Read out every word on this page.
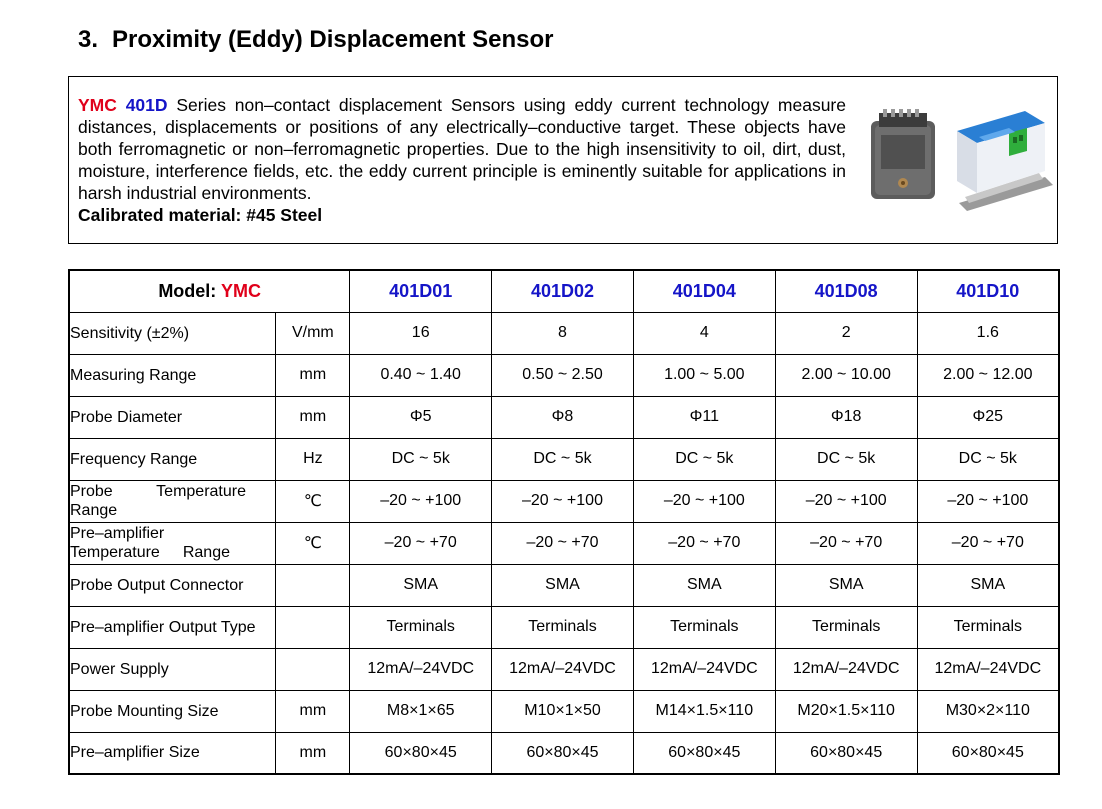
3. Proximity (Eddy) Displacement Sensor
YMC 401D Series non–contact displacement Sensors using eddy current technology measure distances, displacements or positions of any electrically–conductive target. These objects have both ferromagnetic or non–ferromagnetic properties. Due to the high insensitivity to oil, dirt, dust, moisture, interference fields, etc. the eddy current principle is eminently suitable for applications in harsh industrial environments.
Calibrated material: #45 Steel
Model: YMC		401D01	401D02	401D04	401D08	401D10
Sensitivity (±2%)	V/mm	16	8	4	2	1.6
Measuring Range	mm	0.40 ~ 1.40	0.50 ~ 2.50	1.00 ~ 5.00	2.00 ~ 10.00	2.00 ~ 12.00
Probe Diameter	mm	Φ5	Φ8	Φ11	Φ18	Φ25
Frequency Range	Hz	DC ~ 5k	DC ~ 5k	DC ~ 5k	DC ~ 5k	DC ~ 5k

Probe Temperature
Range	℃	–20 ~ +100	–20 ~ +100	–20 ~ +100	–20 ~ +100	–20 ~ +100

Pre–amplifier
Temperature Range	℃	–20 ~ +70	–20 ~ +70	–20 ~ +70	–20 ~ +70	–20 ~ +70
Probe Output Connector		SMA	SMA	SMA	SMA	SMA
Pre–amplifier Output Type		Terminals	Terminals	Terminals	Terminals	Terminals
Power Supply		12mA/–24VDC	12mA/–24VDC	12mA/–24VDC	12mA/–24VDC	12mA/–24VDC
Probe Mounting Size	mm	M8×1×65	M10×1×50	M14×1.5×110	M20×1.5×110	M30×2×110
Pre–amplifier Size	mm	60×80×45	60×80×45	60×80×45	60×80×45	60×80×45
